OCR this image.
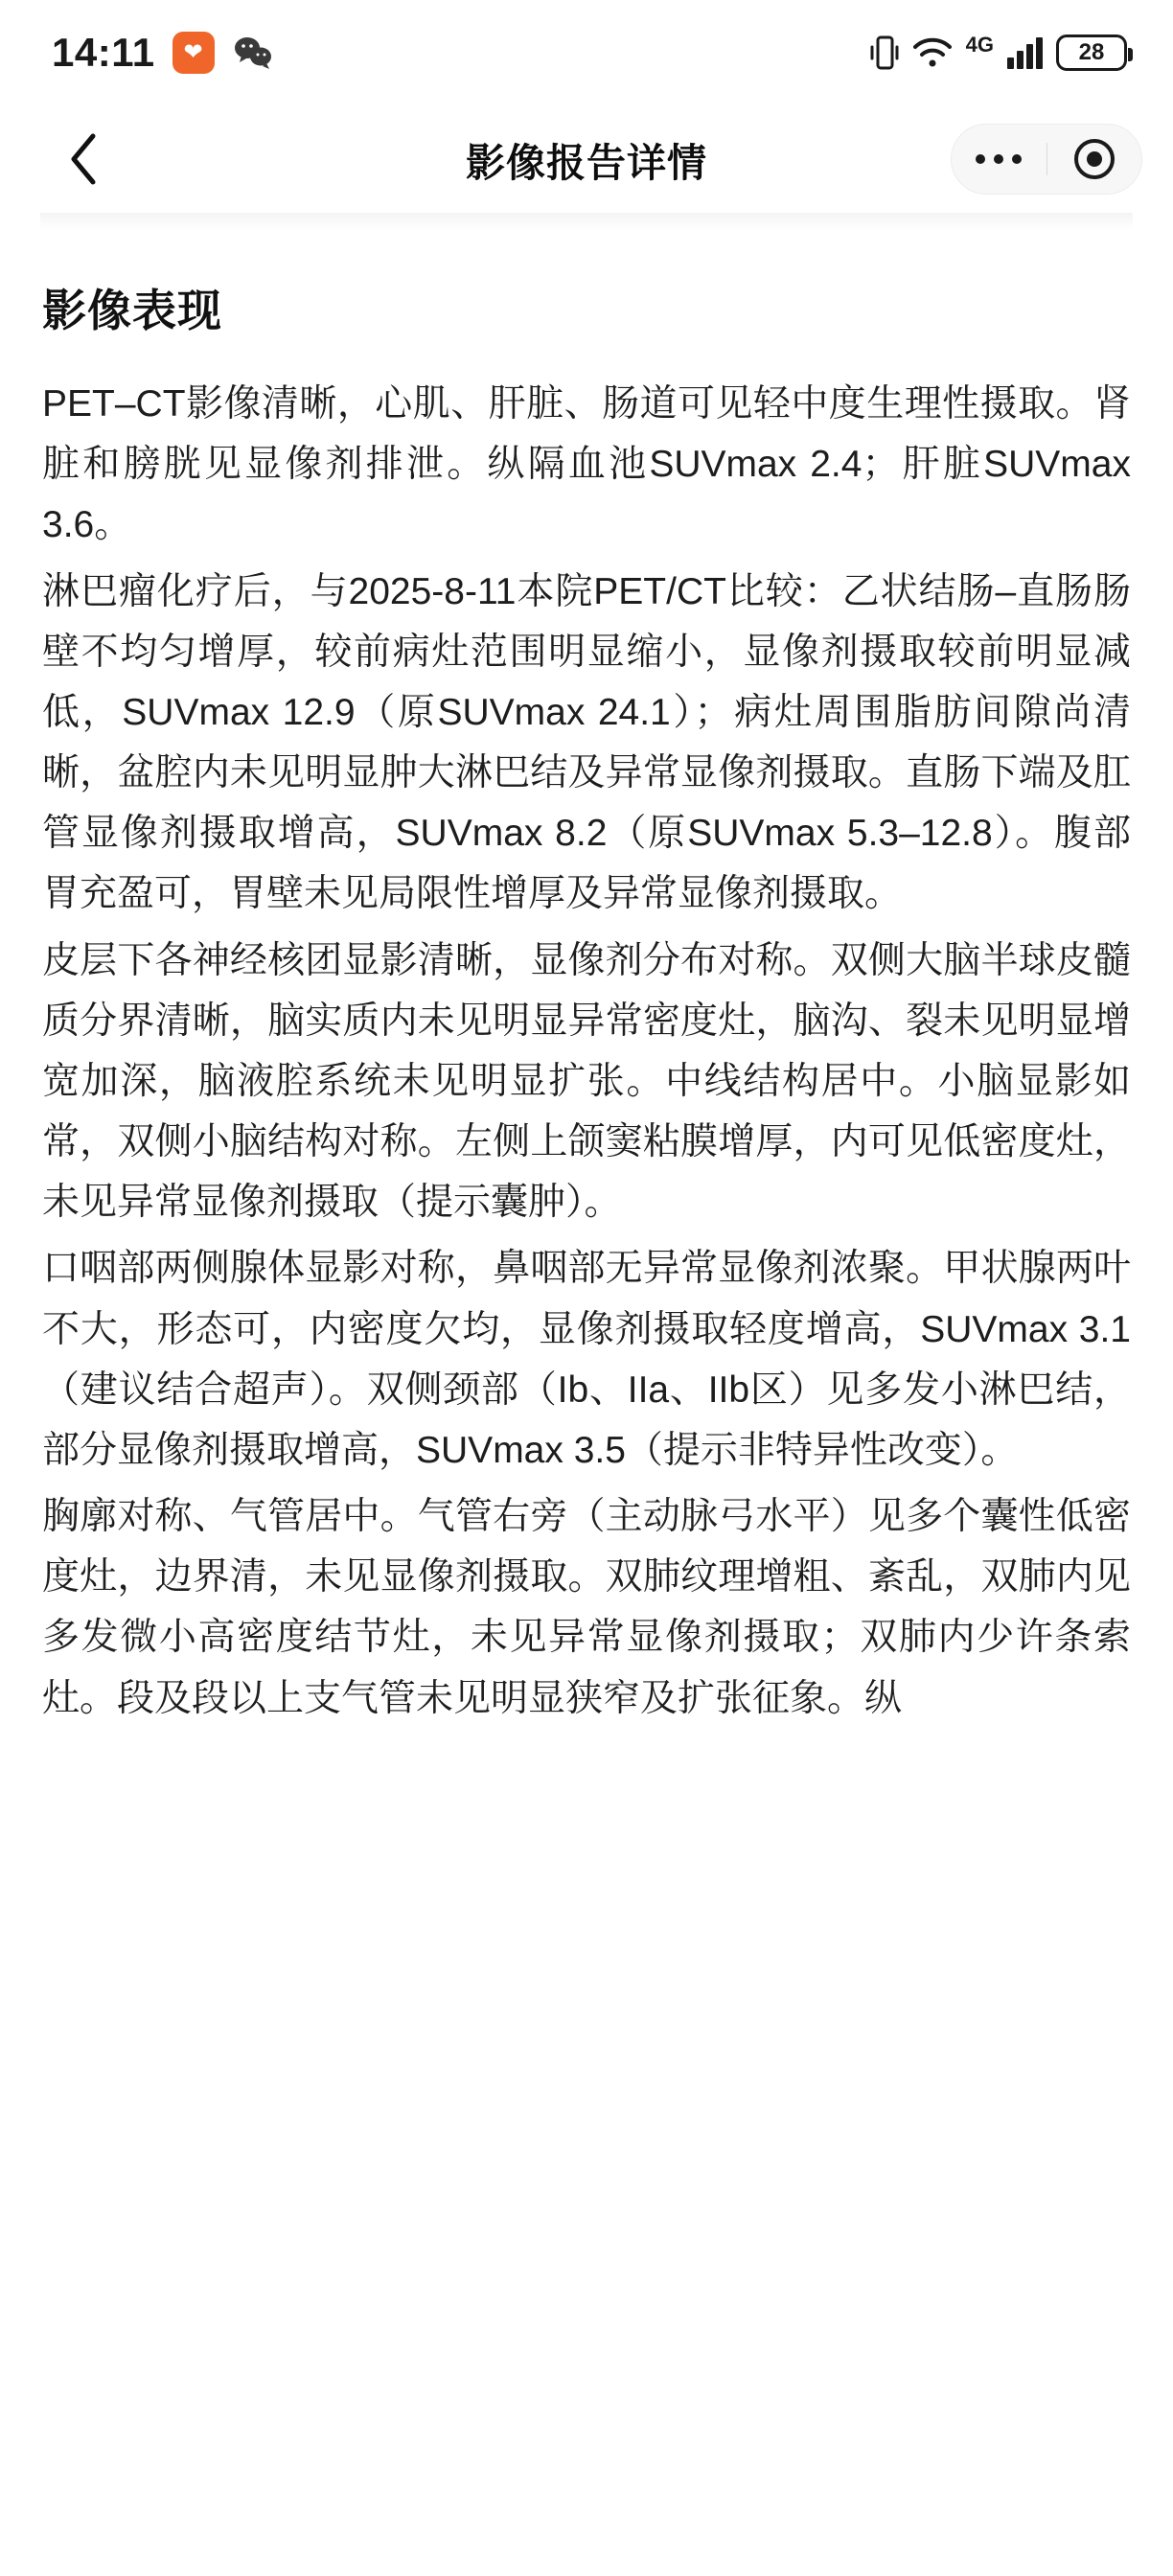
14:11 ❤	4G	28
影像报告详情
影像表现

PET–CT影像清晰，心肌、肝脏、肠道可见轻中度生理性摄取。肾脏和膀胱见显像剂排泄。纵隔血池SUVmax 2.4；肝脏SUVmax 3.6。

淋巴瘤化疗后，与2025-8-11本院PET/CT比较：乙状结肠–直肠肠壁不均匀增厚，较前病灶范围明显缩小，显像剂摄取较前明显减低，SUVmax 12.9（原SUVmax 24.1）；病灶周围脂肪间隙尚清晰，盆腔内未见明显肿大淋巴结及异常显像剂摄取。直肠下端及肛管显像剂摄取增高，SUVmax 8.2（原SUVmax 5.3–12.8）。腹部胃充盈可，胃壁未见局限性增厚及异常显像剂摄取。

皮层下各神经核团显影清晰，显像剂分布对称。双侧大脑半球皮髓质分界清晰，脑实质内未见明显异常密度灶，脑沟、裂未见明显增宽加深，脑液腔系统未见明显扩张。中线结构居中。小脑显影如常，双侧小脑结构对称。左侧上颌窦粘膜增厚，内可见低密度灶，未见异常显像剂摄取（提示囊肿）。

口咽部两侧腺体显影对称，鼻咽部无异常显像剂浓聚。甲状腺两叶不大，形态可，内密度欠均，显像剂摄取轻度增高，SUVmax 3.1（建议结合超声）。双侧颈部（Ib、IIa、IIb区）见多发小淋巴结，部分显像剂摄取增高，SUVmax 3.5（提示非特异性改变）。

胸廓对称、气管居中。气管右旁（主动脉弓水平）见多个囊性低密度灶，边界清，未见显像剂摄取。双肺纹理增粗、紊乱，双肺内见多发微小高密度结节灶，未见异常显像剂摄取；双肺内少许条索灶。段及段以上支气管未见明显狭窄及扩张征象。纵
